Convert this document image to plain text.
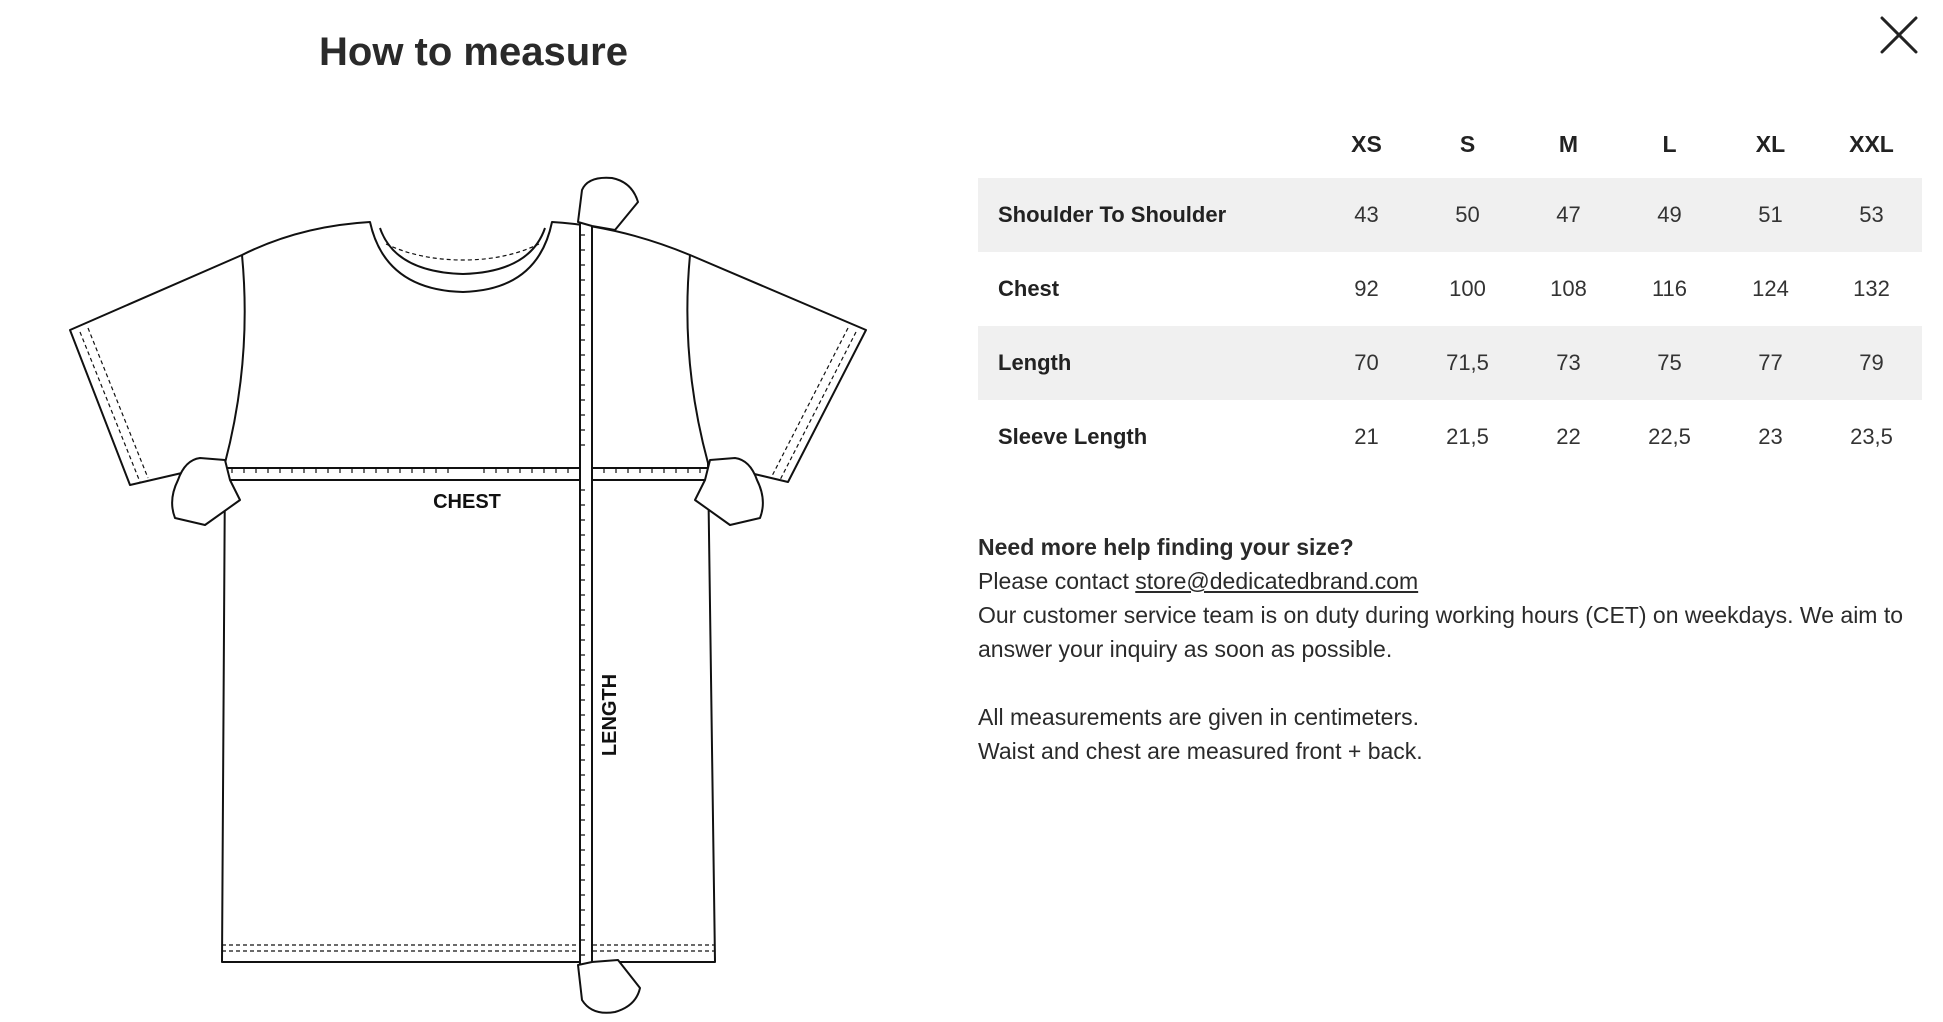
How to measure
CHEST
LENGTH
	XS	S	M	L	XL	XXL
Shoulder To Shoulder	43	50	47	49	51	53
Chest	92	100	108	116	124	132
Length	70	71,5	73	75	77	79
Sleeve Length	21	21,5	22	22,5	23	23,5

Need more help finding your size?

Please contact store@dedicatedbrand.com

Our customer service team is on duty during working hours (CET) on weekdays. We aim to answer your inquiry as soon as possible.

All measurements are given in centimeters.

Waist and chest are measured front + back.
